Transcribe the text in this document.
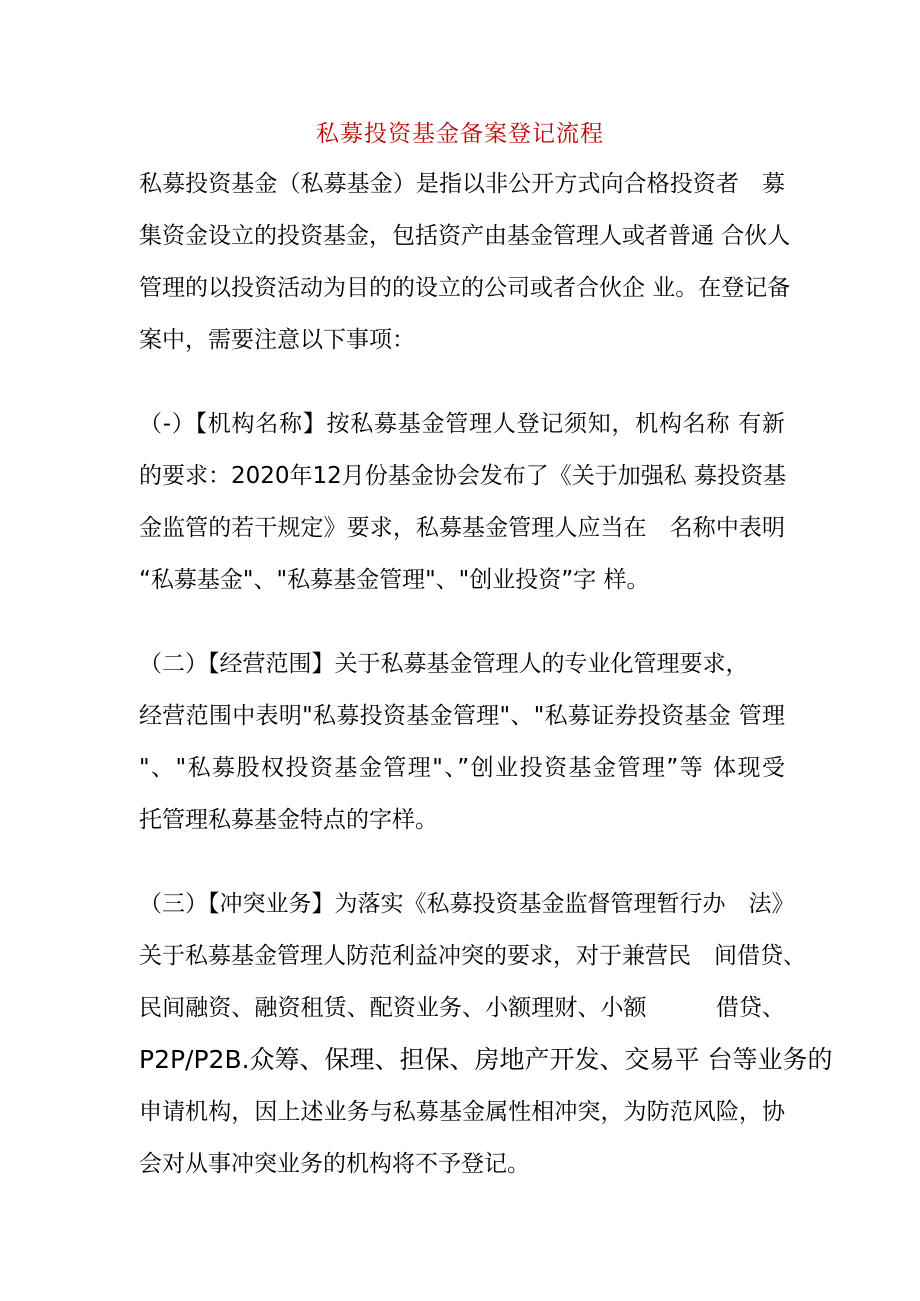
私募投资基金备案登记流程
私募投资基金（私募基金）是指以非公开方式向合格投资者　募
集资金设立的投资基金，包括资产由基金管理人或者普通 合伙人
管理的以投资活动为目的的设立的公司或者合伙企 业。在登记备
案中，需要注意以下事项：
（-）【机构名称】按私募基金管理人登记须知，机构名称 有新
的要求：2020年12月份基金协会发布了《关于加强私 募投资基
金监管的若干规定》要求，私募基金管理人应当在　名称中表明
“私募基金"、"私募基金管理"、"创业投资”字 样。
（二）【经营范围】关于私募基金管理人的专业化管理要求，
经营范围中表明"私募投资基金管理"、"私募证券投资基金 管理
"、"私募股权投资基金管理"、”创业投资基金管理”等 体现受
托管理私募基金特点的字样。
（三）【冲突业务】为落实《私募投资基金监督管理暂行办　法》
关于私募基金管理人防范利益冲突的要求，对于兼营民　间借贷、
民间融资、融资租赁、配资业务、小额理财、小额　　　借贷、
P2P/P2B.众筹、保理、担保、房地产开发、交易平 台等业务的
申请机构，因上述业务与私募基金属性相冲突，为防范风险，协
会对从事冲突业务的机构将不予登记。
